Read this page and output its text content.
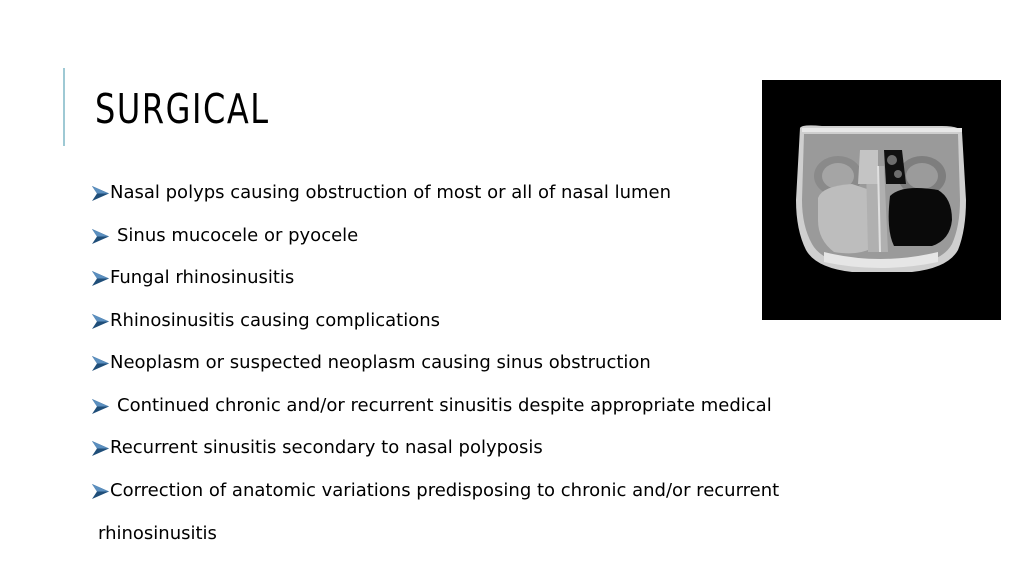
SURGICAL
Nasal polyps causing obstruction of most or all of nasal lumen
Sinus mucocele or pyocele
Fungal rhinosinusitis
Rhinosinusitis causing complications
Neoplasm or suspected neoplasm causing sinus obstruction
Continued chronic and/or recurrent sinusitis despite appropriate medical
Recurrent sinusitis secondary to nasal polyposis
Correction of anatomic variations predisposing to chronic and/or recurrent
rhinosinusitis
